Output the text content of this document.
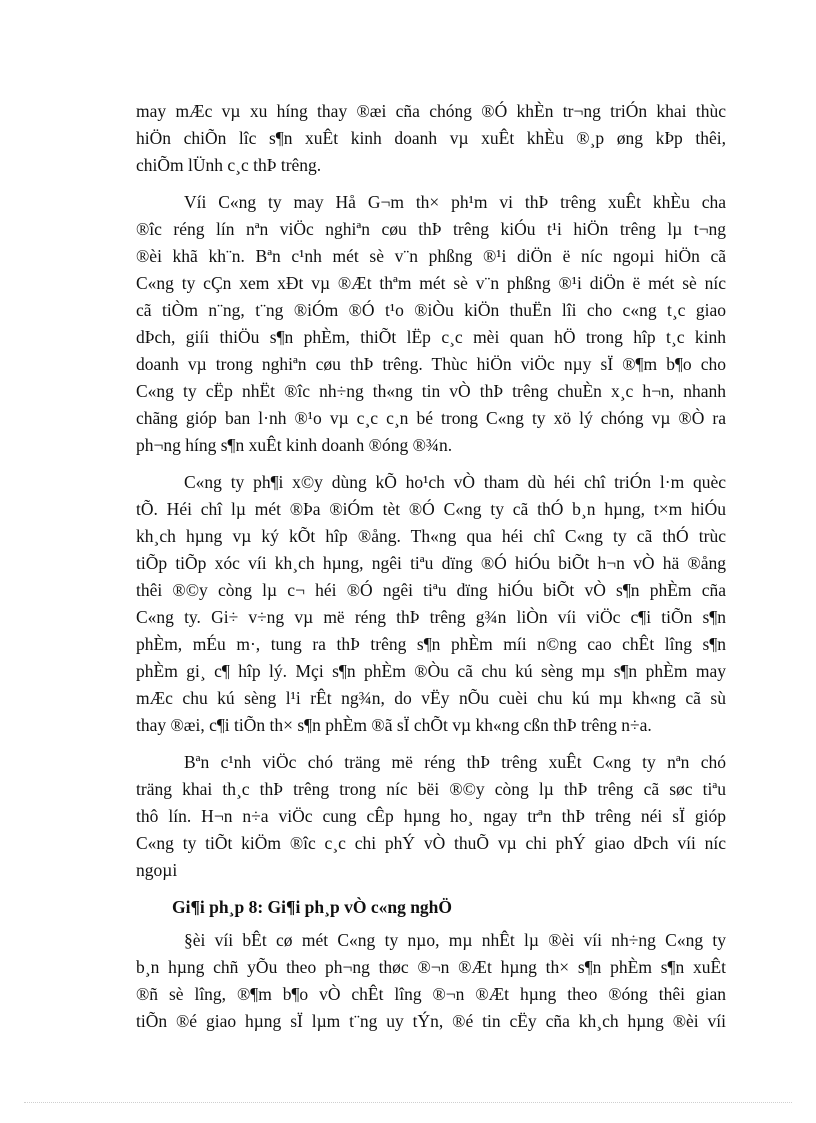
may mÆc vµ xu híng thay ®æi cña chóng ®Ó khÈn tr¬ng triÓn khai thùc
hiÖn chiÕn lîc s¶n xuÊt kinh doanh vµ xuÊt khÈu ®¸p øng kÞp thêi,
chiÕm lÜnh c¸c thÞ trêng.

Víi C«ng ty may Hå G¬m th× ph¹m vi thÞ trêng xuÊt khÈu cha
®îc réng lín nªn viÖc nghiªn cøu thÞ trêng kiÓu t¹i hiÖn trêng lµ t¬ng
®èi khã kh¨n. Bªn c¹nh mét sè v¨n phßng ®¹i diÖn ë níc ngoµi hiÖn cã
C«ng ty cÇn xem xÐt vµ ®Æt thªm mét sè v¨n phßng ®¹i diÖn ë mét sè níc
cã tiÒm n¨ng, t¨ng ®iÓm ®Ó t¹o ®iÒu kiÖn thuËn lîi cho c«ng t¸c giao
dÞch, giíi thiÖu s¶n phÈm, thiÕt lËp c¸c mèi quan hÖ trong hîp t¸c kinh
doanh vµ trong nghiªn cøu thÞ trêng. Thùc hiÖn viÖc nµy sÏ ®¶m b¶o cho
C«ng ty cËp nhËt ®îc nh÷ng th«ng tin vÒ thÞ trêng chuÈn x¸c h¬n, nhanh
chãng gióp ban l·nh ®¹o vµ c¸c c¸n bé trong C«ng ty xö lý chóng vµ ®Ò ra
ph¬ng híng s¶n xuÊt kinh doanh ®óng ®¾n.

C«ng ty ph¶i x©y dùng kÕ ho¹ch vÒ tham dù héi chî triÓn l·m quèc
tÕ. Héi chî lµ mét ®Þa ®iÓm tèt ®Ó C«ng ty cã thÓ b¸n hµng, t×m hiÓu
kh¸ch hµng vµ ký kÕt hîp ®ång. Th«ng qua héi chî C«ng ty cã thÓ trùc
tiÕp tiÕp xóc víi kh¸ch hµng, ngêi tiªu dïng ®Ó hiÓu biÕt h¬n vÒ hä ®ång
thêi ®©y còng lµ c¬ héi ®Ó ngêi tiªu dïng hiÓu biÕt vÒ s¶n phÈm cña
C«ng ty. Gi÷ v÷ng vµ më réng thÞ trêng g¾n liÒn víi viÖc c¶i tiÕn s¶n
phÈm, mÉu m·, tung ra thÞ trêng s¶n phÈm míi n©ng cao chÊt lîng s¶n
phÈm gi¸ c¶ hîp lý. Mçi s¶n phÈm ®Òu cã chu kú sèng mµ s¶n phÈm may
mÆc chu kú sèng l¹i rÊt ng¾n, do vËy nÕu cuèi chu kú mµ kh«ng cã sù
thay ®æi, c¶i tiÕn th× s¶n phÈm ®ã sÏ chÕt vµ kh«ng cßn thÞ trêng n÷a.

Bªn c¹nh viÖc chó träng më réng thÞ trêng xuÊt C«ng ty nªn chó
träng khai th¸c thÞ trêng trong níc bëi ®©y còng lµ thÞ trêng cã søc tiªu
thô lín. H¬n n÷a viÖc cung cÊp hµng ho¸ ngay trªn thÞ trêng néi sÏ gióp
C«ng ty tiÕt kiÖm ®îc c¸c chi phÝ vÒ thuÕ vµ chi phÝ giao dÞch víi níc
ngoµi

Gi¶i ph¸p 8: Gi¶i ph¸p vÒ c«ng nghÖ

§èi víi bÊt cø mét C«ng ty nµo, mµ nhÊt lµ ®èi víi nh÷ng C«ng ty
b¸n hµng chñ yÕu theo ph¬ng thøc ®¬n ®Æt hµng th× s¶n phÈm s¶n xuÊt
®ñ sè lîng, ®¶m b¶o vÒ chÊt lîng ®¬n ®Æt hµng theo ®óng thêi gian
tiÕn ®é giao hµng sÏ lµm t¨ng uy tÝn, ®é tin cËy cña kh¸ch hµng ®èi víi
